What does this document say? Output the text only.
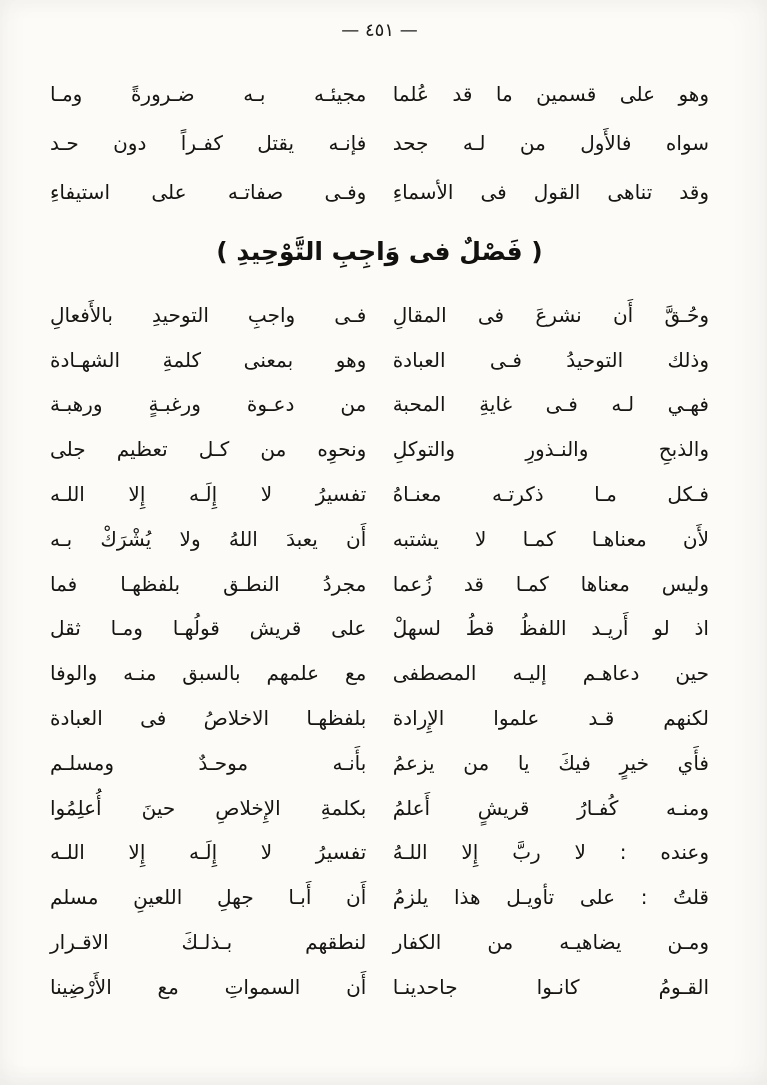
— ٤٥١ —
وهو على قسمين ما قد عُلما
مجيئـه بـه ضـرورةً ومـا
سواه فالأَول من لـه جحد
فإنـه يقتل كفـراً دون حـد
وقد تناهى القول فى الأسماءِ
وفـى صفاتـه على استيفاءِ
( فَصْلٌ فى وَاجِبِ التَّوْحِيدِ )
وحُـقَّ أَن نشرعَ فى المقالِ
فـى واجبِ التوحيدِ بالأَفعالِ
وذلك التوحيدُ فـى العبادة
وهو بمعنى كلمةِ الشهـادة
فهـي لـه فـى غايةِ المحبة
من دعـوة ورغبـةٍ ورهبـة
والذبحِ والنـذورِ والتوكلِ
ونحوِه من كـل تعظيم جلى
فـكل مـا ذكرتـه معنـاهُ
تفسيرُ لا إِلَـه إِلا اللـه
لأَن معناهـا كمـا لا يشتبه
أَن يعبدَ اللهُ ولا يُشْرَكْ بـه
وليس معناها كمـا قد زُعما
مجردُ النطـق بلفظهـا فما
اذ لو أَريـد اللفظُ قطُ لسهلْ
على قريش قولُهـا ومـا ثقل
حين دعاهـم إليـه المصطفى
مع علمهم بالسبق منـه والوفا
لكنهم قـد علموا الإِرادة
بلفظهـا الاخلاصُ فى العبادة
فأَي خيرٍ فيكَ يا من يزعمُ
بأَنـه موحـدٌ ومسلـم
ومنـه كُفـارُ قريشٍ أَعلمُ
بكلمةِ الإِخلاصِ حينَ أُعلِمُوا
وعنده : لا ربَّ إِلا اللـهُ
تفسيرُ لا إِلَـه إِلا اللـه
قلتُ : على تأويـل هذا يلزمُ
أَن أَبـا جهلِ اللعينِ مسلم
ومـن يضاهيـه من الكفار
لنطقهم بـذلـكَ الاقـرار
القـومُ كانـوا جاحدينـا
أَن السمواتِ مع الأَرْضِينا
